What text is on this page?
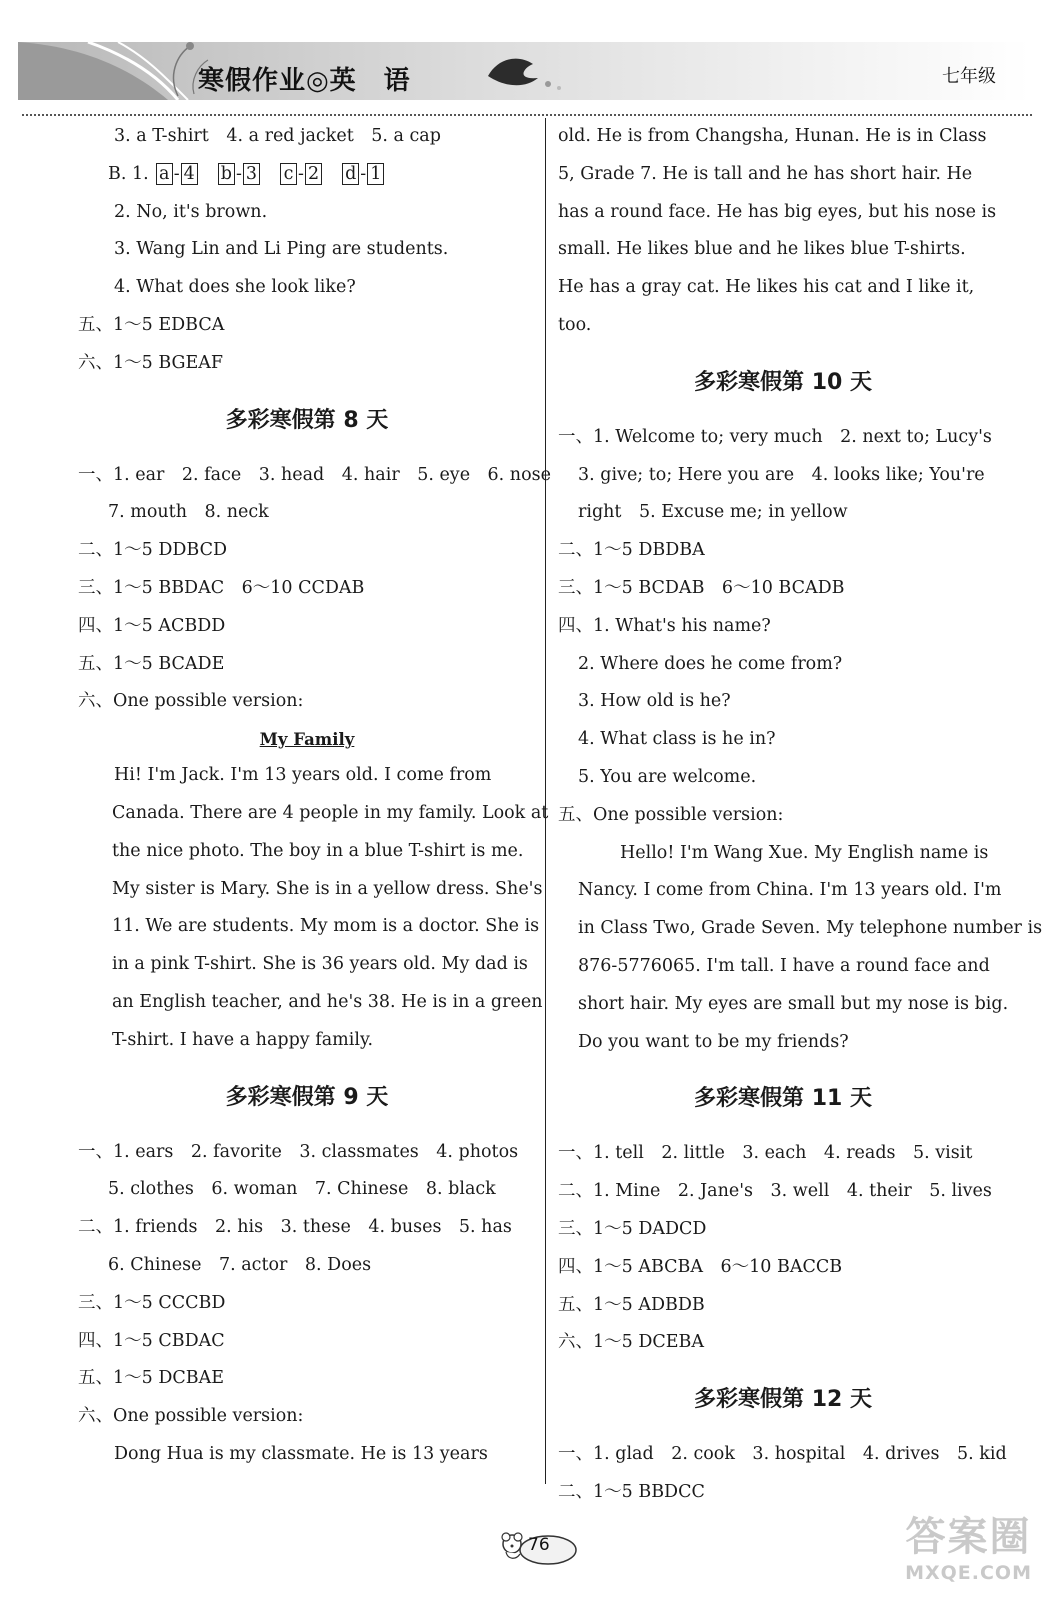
寒假作业◎英　语	七年级
3. a T-shirt　4. a red jacket　5. a cap
B. 1. a - 4 b - 3 c - 2 d - 1
2. No, it's brown.
3. Wang Lin and Li Ping are students.
4. What does she look like?
五、1～5 EDBCA
六、1～5 BGEAF
多彩寒假第 8 天
一、1. ear　2. face　3. head　4. hair　5. eye　6. nose
7. mouth　8. neck
二、1～5 DDBCD
三、1～5 BBDAC　6～10 CCDAB
四、1～5 ACBDD
五、1～5 BCADE
六、One possible version:
My Family
Hi! I'm Jack. I'm 13 years old. I come from
Canada. There are 4 people in my family. Look at
the nice photo. The boy in a blue T-shirt is me.
My sister is Mary. She is in a yellow dress. She's
11. We are students. My mom is a doctor. She is
in a pink T-shirt. She is 36 years old. My dad is
an English teacher, and he's 38. He is in a green
T-shirt. I have a happy family.
多彩寒假第 9 天
一、1. ears　2. favorite　3. classmates　4. photos
5. clothes　6. woman　7. Chinese　8. black
二、1. friends　2. his　3. these　4. buses　5. has
6. Chinese　7. actor　8. Does
三、1～5 CCCBD
四、1～5 CBDAC
五、1～5 DCBAE
六、One possible version:
Dong Hua is my classmate. He is 13 years
old. He is from Changsha, Hunan. He is in Class
5, Grade 7. He is tall and he has short hair. He
has a round face. He has big eyes, but his nose is
small. He likes blue and he likes blue T-shirts.
He has a gray cat. He likes his cat and I like it,
too.
多彩寒假第 10 天
一、1. Welcome to; very much　2. next to; Lucy's
3. give; to; Here you are　4. looks like; You're
right　5. Excuse me; in yellow
二、1～5 DBDBA
三、1～5 BCDAB　6～10 BCADB
四、1. What's his name?
2. Where does he come from?
3. How old is he?
4. What class is he in?
5. You are welcome.
五、One possible version:
Hello! I'm Wang Xue. My English name is
Nancy. I come from China. I'm 13 years old. I'm
in Class Two, Grade Seven. My telephone number is
876-5776065. I'm tall. I have a round face and
short hair. My eyes are small but my nose is big.
Do you want to be my friends?
多彩寒假第 11 天
一、1. tell　2. little　3. each　4. reads　5. visit
二、1. Mine　2. Jane's　3. well　4. their　5. lives
三、1～5 DADCD
四、1～5 ABCBA　6～10 BACCB
五、1～5 ADBDB
六、1～5 DCEBA
多彩寒假第 12 天
一、1. glad　2. cook　3. hospital　4. drives　5. kid
二、1～5 BBDCC
76	答案圈
MXQE.COM
